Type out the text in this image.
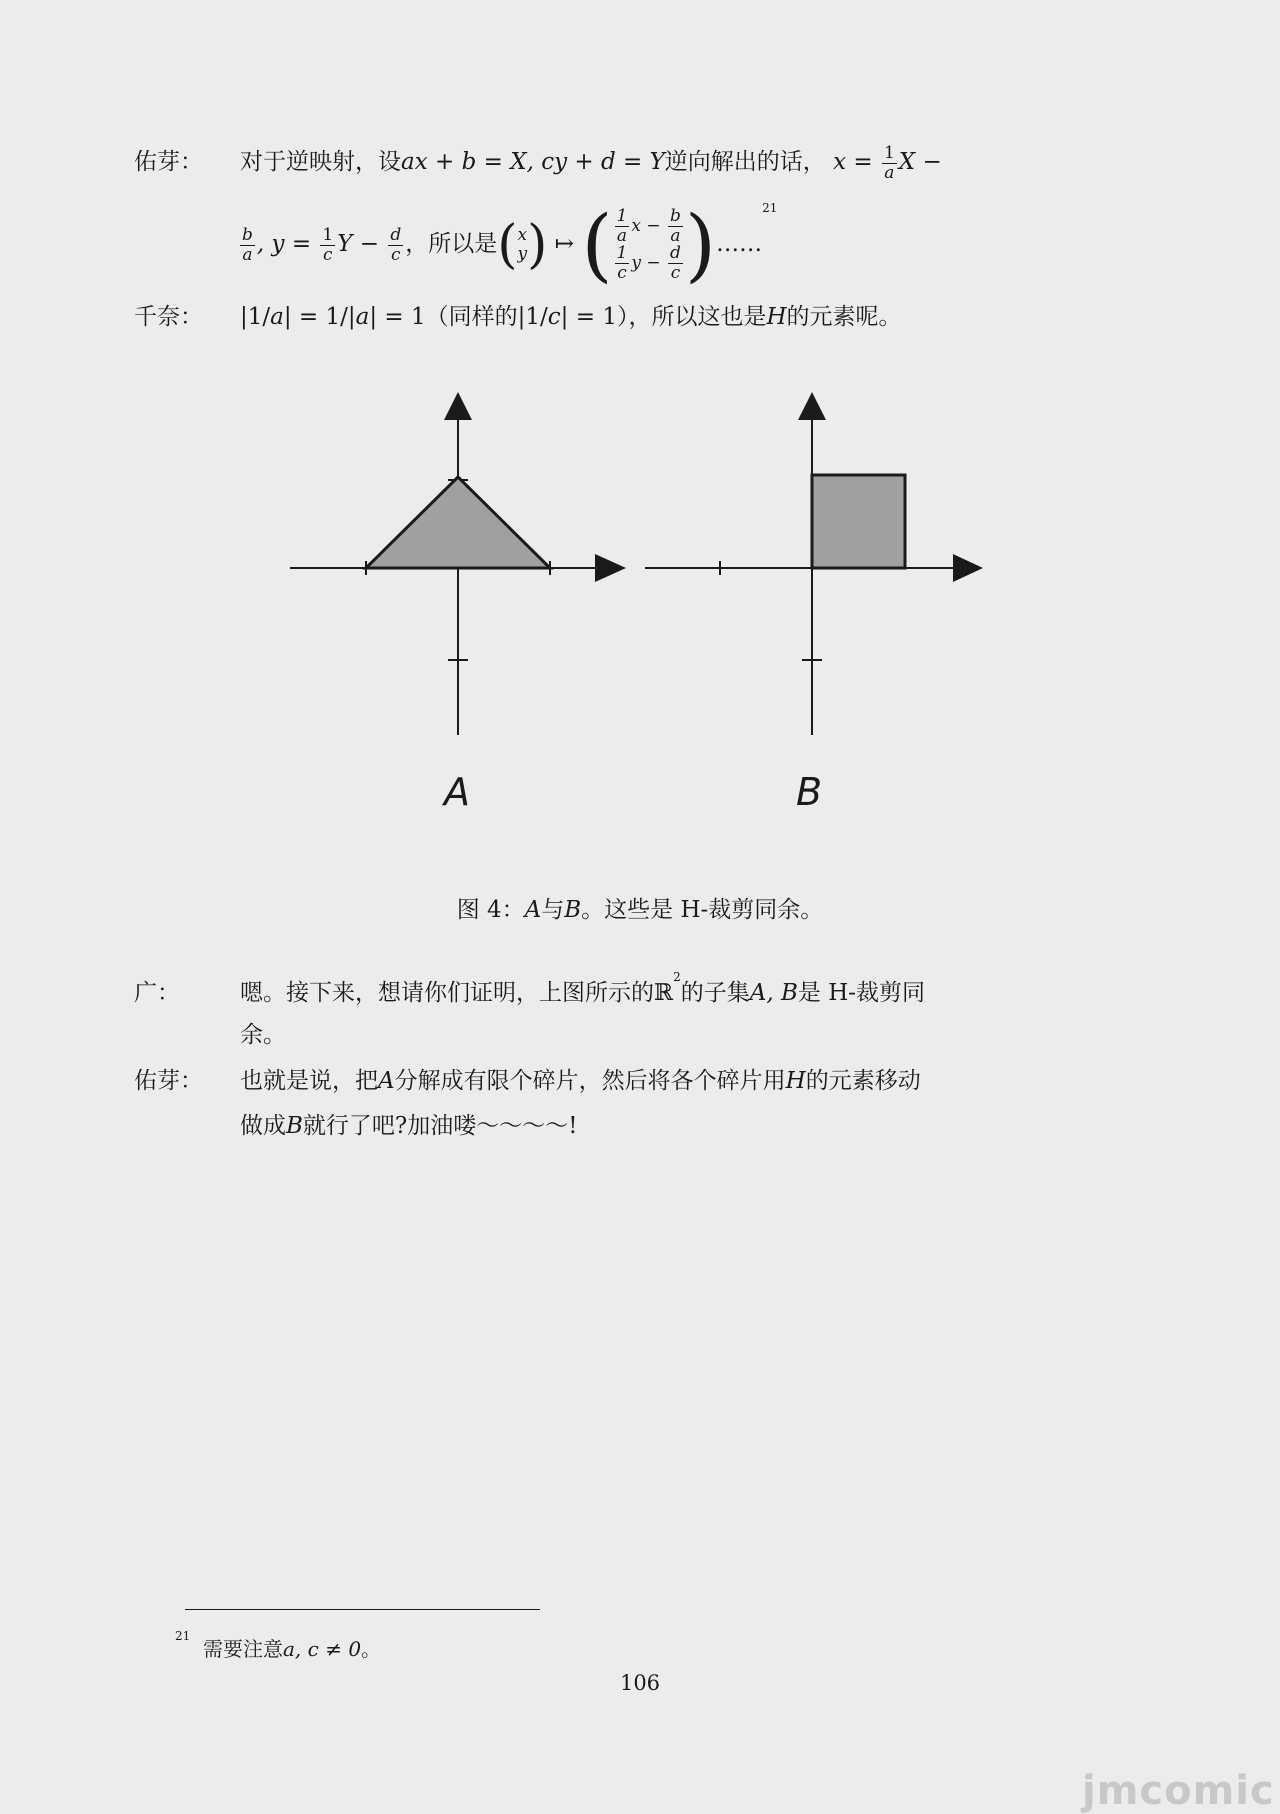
佑芽： 对于逆映射，设ax + b = X, cy + d = Y逆向解出的话， $x = \frac{1}{a}$ X −
$\frac{b}{a}$ , $y = \frac{1}{c}$ $Y - \frac{d}{c}$ ，所以是( x
y ) ↦ ( $\frac{1}{a}$ $x - \frac{b}{a}$
$\frac{1}{c}$ $y - \frac{d}{c}$ )……$^{21}$
千奈： |1/a| = 1/|a| = 1（同样的|1/c| = 1），所以这也是H的元素呢。
A	B
图 4：A与B。这些是 H-裁剪同余。
广：	嗯。接下来，想请你们证明，上图所示的ℝ$^2$的子集A, B是 H-裁剪同
余。
佑芽： 也就是说，把A分解成有限个碎片，然后将各个碎片用H的元素移动
做成B就行了吧?加油喽～～～～!
$^{21}$  需要注意a, c ≠ 0。
106
jmcomic
